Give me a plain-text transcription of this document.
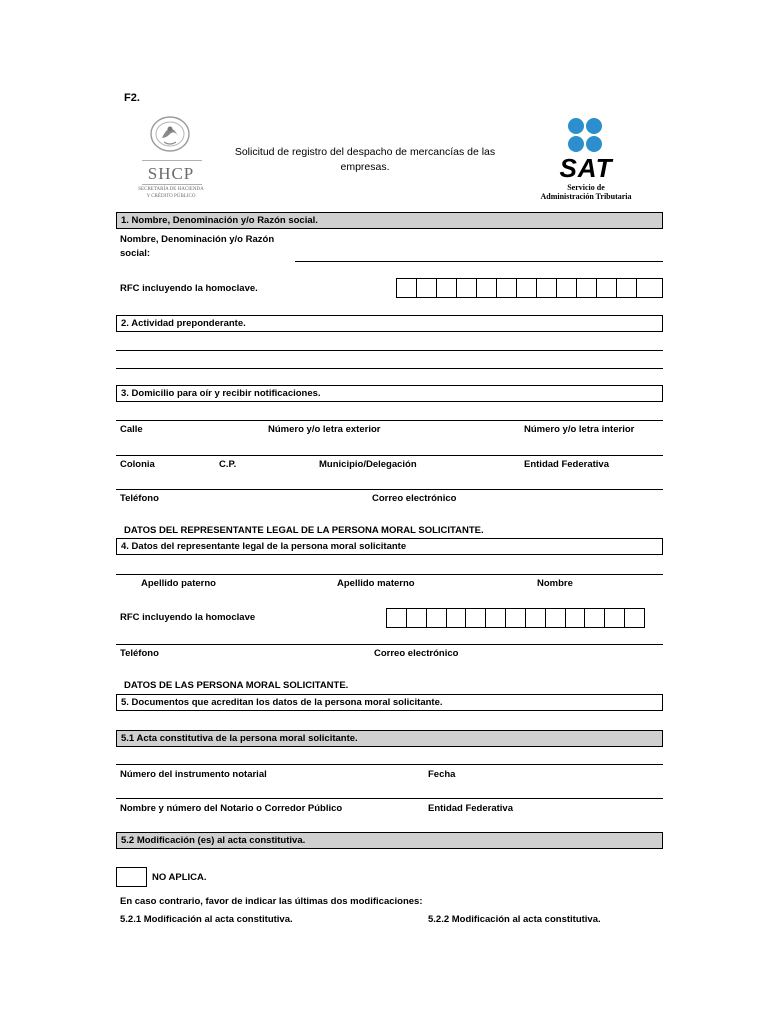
F2.
SHCP
SECRETARÍA DE HACIENDA
Y CRÉDITO PÚBLICO
Solicitud de registro del despacho de mercancías de las empresas.	SAT
Servicio de
Administración Tributaria
1. Nombre, Denominación y/o Razón social.
Nombre, Denominación y/o Razón
social:
RFC incluyendo la homoclave.
2. Actividad preponderante.
3. Domicilio para oír y recibir notificaciones.
Calle	Número y/o letra exterior	Número y/o letra interior
Colonia	C.P.	Municipio/Delegación	Entidad Federativa
Teléfono	Correo electrónico
DATOS DEL REPRESENTANTE LEGAL DE LA PERSONA MORAL SOLICITANTE.
4. Datos del representante legal de la persona moral solicitante
Apellido paterno	Apellido materno	Nombre
RFC incluyendo la homoclave
Teléfono	Correo electrónico
DATOS DE LAS PERSONA MORAL SOLICITANTE.
5. Documentos que acreditan los datos de la persona moral solicitante.
5.1 Acta constitutiva de la persona moral solicitante.
Número del instrumento notarial	Fecha
Nombre y número del Notario o Corredor Público	Entidad Federativa
5.2 Modificación (es) al acta constitutiva.
NO APLICA.
En caso contrario, favor de indicar las últimas dos modificaciones:
5.2.1 Modificación al acta constitutiva.	5.2.2 Modificación al acta constitutiva.
